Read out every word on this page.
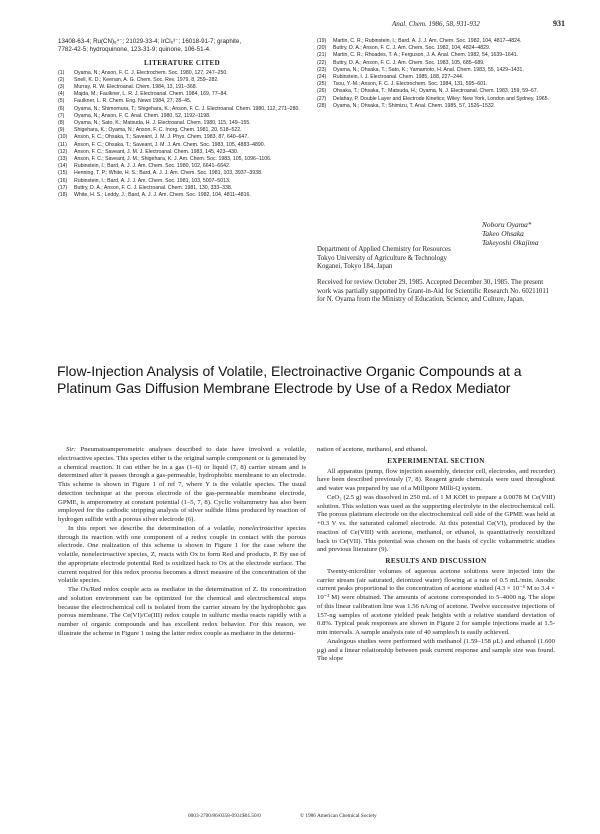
Anal. Chem. 1986, 58, 931-932	931
13408-63-4; Ru(CN)₆⁴⁻; 21029-33-4; IrCl₆³⁻; 16018-91-7; graphite,
7782-42-5; hydroquinone, 123-31-9; quinone, 106-51-4.
LITERATURE CITED
(1) Oyama, N.; Anson, F. C. J. Electrochem. Soc. 1980, 127, 247–250.
(2) Snell, K. D.; Keenan, A. G. Chem. Soc. Rev. 1979, 8, 259–282.
(3) Murray, R. W. Electroanal. Chem. 1984, 13, 191–368.
(4) Majda, M.; Faulkner, L. R. J. Electroanal. Chem. 1984, 169, 77–84.
(5) Faulkner, L. R. Chem. Eng. News 1984, 27, 28–45.
(6) Oyama, N.; Shimomura, T.; Shigehara, K.; Anson, F. C. J. Electroanal. Chem. 1980, 112, 271–280.
(7) Oyama, N.; Anson, F. C. Anal. Chem. 1980, 52, 1192–1198.
(8) Oyama, N.; Sato, K.; Matsuda, H. J. Electroanal. Chem. 1980, 115, 149–155.
(9) Shigehara, K.; Oyama, N.; Anson, F. C. Inorg. Chem. 1981, 20, 518–522.
(10) Anson, F. C.; Ohsaka, T.; Saveant, J. M. J. Phys. Chem. 1983, 87, 640–647.
(11) Anson, F. C.; Ohsaka, T.; Saveant, J. M. J. Am. Chem. Soc. 1983, 105, 4883–4890.
(12) Anson, F. C.; Saveant, J. M. J. Electroanal. Chem. 1983, 145, 423–430.
(13) Anson, F. C.; Saveant, J. M.; Shigehara, K. J. Am. Chem. Soc. 1983, 105, 1096–1106.
(14) Rubinstein, I.; Bard, A. J. J. Am. Chem. Soc. 1980, 102, 6641–6642.
(15) Henning, T. P.; White, H. S.; Bard, A. J. J. Am. Chem. Soc. 1981, 103, 3937–3938.
(16) Rubinstein, I.; Bard, A. J. J. Am. Chem. Soc. 1981, 103, 5007–5013.
(17) Buttry, D. A.; Anson, F. C. J. Electroanal. Chem. 1981, 130, 333–338.
(18) White, H. S.; Leddy, J.; Bard, A. J. J. Am. Chem. Soc. 1982, 104, 4811–4816.
(19) Martin, C. R.; Rubinstein, I.; Bard, A. J. J. Am. Chem. Soc. 1982, 104, 4817–4824.
(20) Buttry, D. A.; Anson, F. C. J. Am. Chem. Soc. 1982, 104, 4824–4829.
(21) Martin, C. R.; Rhoades, T. A.; Ferguson, J. A. Anal. Chem. 1982, 54, 1639–1641.
(22) Buttry, D. A.; Anson, F. C. J. Am. Chem. Soc. 1983, 105, 685–689.
(23) Oyama, N.; Ohsaka, T.; Sato, K.; Yamamoto, H. Anal. Chem. 1983, 55, 1429–1431.
(24) Rubinstein, I. J. Electroanal. Chem. 1985, 188, 227–244.
(25) Tsou, Y.-M.; Anson, F. C. J. Electrochem. Soc. 1984, 131, 595–601.
(26) Ohsaka, T.; Ohsaka, T.; Matsuda, H.; Oyama, N. J. Electroanal. Chem. 1983, 159, 59–67.
(27) Delahay, P. Double Layer and Electrode Kinetics; Wiley: New York, London and Sydney, 1965.
(28) Oyama, N.; Ohsaka, T.; Shimizu, T. Anal. Chem. 1985, 57, 1526–1532.
Noboru Oyama*
Takeo Ohsaka
Takeyoshi Okajima
Department of Applied Chemistry for Resources
Tokyo University of Agriculture & Technology
Koganei, Tokyo 184, Japan
Received for review October 29, 1985. Accepted December 30, 1985. The present work was partially supported by Grant-in-Aid for Scientific Research No. 60211011 for N. Oyama from the Ministry of Education, Science, and Culture, Japan.
Flow-Injection Analysis of Volatile, Electroinactive Organic Compounds at a Platinum Gas Diffusion Membrane Electrode by Use of a Redox Mediator

Sir: Pneumatoamperometric analyses described to date have involved a volatile, electroactive species. This species either is the original sample component or is generated by a chemical reaction. It can either be in a gas (1–6) or liquid (7, 8) carrier stream and is determined after it passes through a gas-permeable, hydrophobic membrane to an electrode. This scheme is shown in Figure 1 of ref 7, where Y is the volatile species. The usual detection technique at the porous electrode of the gas-permeable membrane electrode, GPME, is amperometry at constant potential (1–5, 7, 8). Cyclic voltammetry has also been employed for the cathodic stripping analysis of silver sulfide films produced by reaction of hydrogen sulfide with a porous silver electrode (6).

In this report we describe the determination of a volatile, nonelectroactive species through its reaction with one component of a redox couple in contact with the porous electrode. One realization of this scheme is shown in Figure 1 for the case where the volatile, nonelectroactive species, Z, reacts with Ox to form Red and products, P. By use of the appropriate electrode potential Red is oxidized back to Ox at the electrode surface. The current required for this redox process becomes a direct measure of the concentration of the volatile species.

The Ox/Red redox couple acts as mediator in the determination of Z. Its concentration and solution environment can be optimized for the chemical and electrochemical steps because the electrochemical cell is isolated from the carrier stream by the hydrophobic gas porous membrane. The Ce(VI)/Ce(III) redox couple in sulfuric media reacts rapidly with a number of organic compounds and has excellent redox behavior. For this reason, we illustrate the scheme in Figure 1 using the latter redox couple as mediator in the determi-

nation of acetone, methanol, and ethanol.

EXPERIMENTAL SECTION

All apparatus (pump, flow injection assembly, detector cell, electrodes, and recorder) have been described previously (7, 8). Reagent grade chemicals were used throughout and water was prepared by use of a Millipore Milli-Q system.

CeO₂ (2.5 g) was dissolved in 250 mL of 1 M KOH to prepare a 0.0078 M Ce(VIII) solution. This solution was used as the supporting electrolyte in the electrochemical cell. The porous platinum electrode on the electrochemical cell side of the GPME was held at +0.3 V vs. the saturated calomel electrode. At this potential Ce(VI), produced by the reaction of Ce(VIII) with acetone, methanol, or ethanol, is quantitatively reoxidized back to Ce(VII). This potential was chosen on the basis of cyclic voltammetric studies and previous literature (9).

RESULTS AND DISCUSSION

Twenty-microliter volumes of aqueous acetone solutions were injected into the carrier stream (air saturated, deionized water) flowing at a rate of 0.5 mL/min. Anodic current peaks proportional to the concentration of acetone studied (4.3 × 10⁻⁶ M to 3.4 × 10⁻³ M) were obtained. The amounts of acetone corresponded to 5–4000 ng. The slope of this linear calibration line was 1.56 nA/ng of acetone. Twelve successive injections of 157-ng samples of acetone yielded peak heights with a relative standard deviation of 0.8%. Typical peak responses are shown in Figure 2 for sample injections made at 1.5-min intervals. A sample analysis rate of 40 samples/h is easily achieved.

Analogous studies were performed with methanol (1.59–158 μL) and ethanol (1.600 μg) and a linear relationship between peak current response and sample size was found. The slope

0003-2700/86/0358-0931$01.50/0	© 1986 American Chemical Society
